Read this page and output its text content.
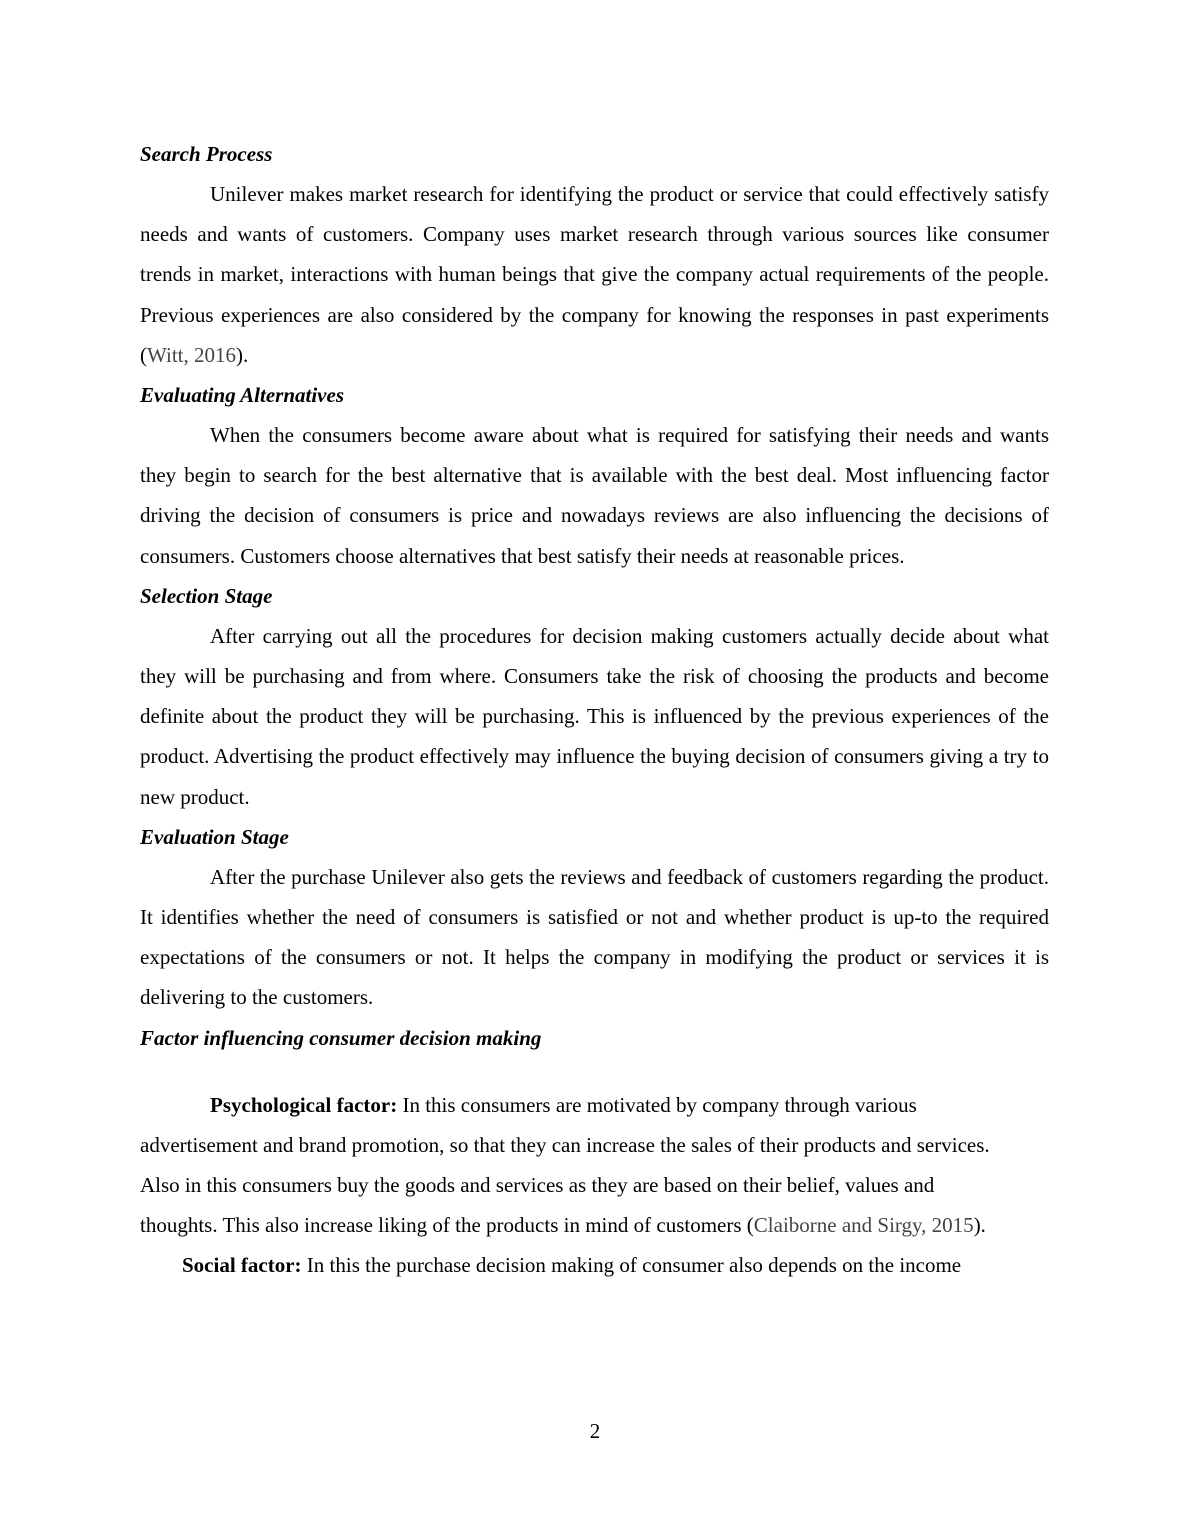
Search Process

Unilever makes market research for identifying the product or service that could effectively satisfy needs and wants of customers. Company uses market research through various sources like consumer trends in market, interactions with human beings that give the company actual requirements of the people. Previous experiences are also considered by the company for knowing the responses in past experiments (Witt, 2016).

Evaluating Alternatives

When the consumers become aware about what is required for satisfying their needs and wants they begin to search for the best alternative that is available with the best deal. Most influencing factor driving the decision of consumers is price and nowadays reviews are also influencing the decisions of consumers. Customers choose alternatives that best satisfy their needs at reasonable prices.

Selection Stage

After carrying out all the procedures for decision making customers actually decide about what they will be purchasing and from where. Consumers take the risk of choosing the products and become definite about the product they will be purchasing. This is influenced by the previous experiences of the product. Advertising the product effectively may influence the buying decision of consumers giving a try to new product.

Evaluation Stage

After the purchase Unilever also gets the reviews and feedback of customers regarding the product. It identifies whether the need of consumers is satisfied or not and whether product is up-to the required expectations of the consumers or not. It helps the company in modifying the product or services it is delivering to the customers.

Factor influencing consumer decision making

Psychological factor: In this consumers are motivated by company through various advertisement and brand promotion, so that they can increase the sales of their products and services. Also in this consumers buy the goods and services as they are based on their belief, values and thoughts. This also increase liking of the products in mind of customers (Claiborne and Sirgy, 2015).

Social factor: In this the purchase decision making of consumer also depends on the income

2
